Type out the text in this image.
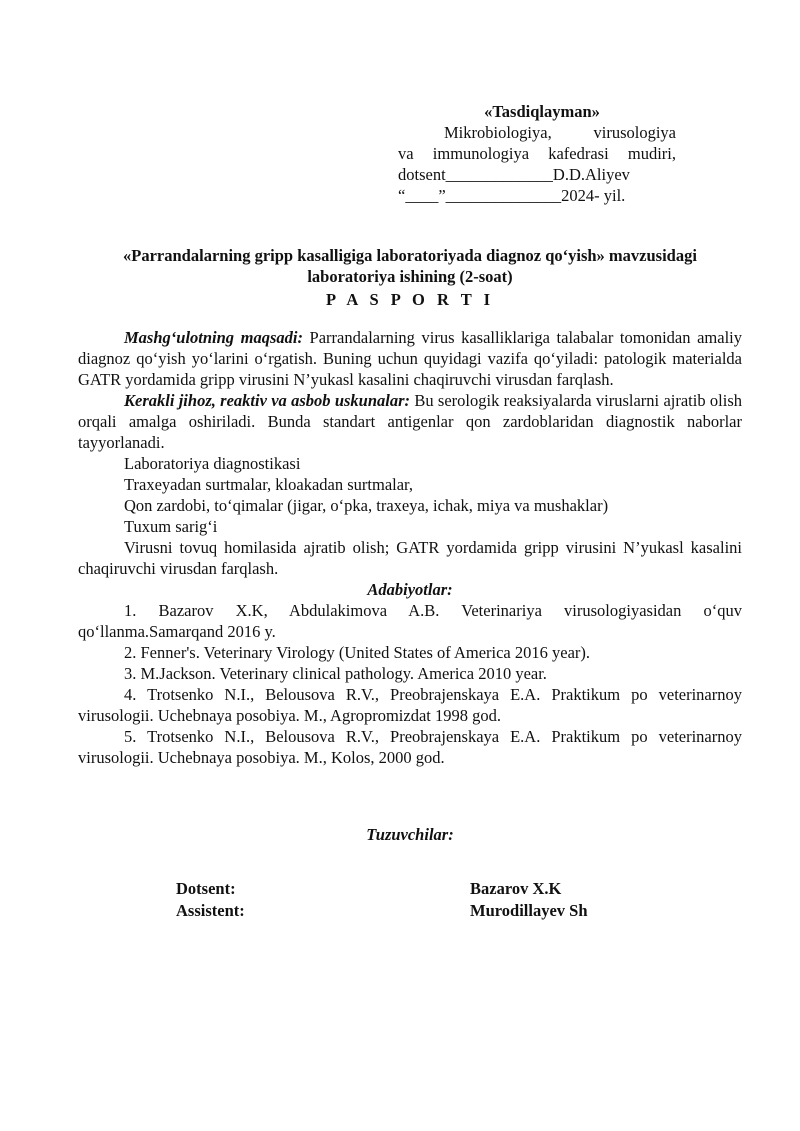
«Tasdiqlayman»
Mikrobiologiya, virusologiya
va immunologiya kafedrasi mudiri,
dotsent_____________D.D.Aliyev
“____”______________2024- yil.
«Parrandalarning gripp kasalligiga laboratoriyada diagnoz qo‘yish» mavzusidagi
laboratoriya ishining (2-soat)
P A S P O R T I

Mashg‘ulotning maqsadi: Parrandalarning virus kasalliklariga talabalar tomonidan amaliy diagnoz qo‘yish yo‘larini o‘rgatish. Buning uchun quyidagi vazifa qo‘yiladi: patologik materialda GATR yordamida gripp virusini N’yukasl kasalini chaqiruvchi virusdan farqlash.

Kerakli jihoz, reaktiv va asbob uskunalar: Bu serologik reaksiyalarda viruslarni ajratib olish orqali amalga oshiriladi. Bunda standart antigenlar qon zardoblaridan diagnostik naborlar tayyorlanadi.

Laboratoriya diagnostikasi

Traxeyadan surtmalar, kloakadan surtmalar,

Qon zardobi, to‘qimalar (jigar, o‘pka, traxeya, ichak, miya va mushaklar)

Tuxum sarig‘i

Virusni tovuq homilasida ajratib olish; GATR yordamida gripp virusini N’yukasl kasalini chaqiruvchi virusdan farqlash.

Adabiyotlar:

1. Bazarov X.K, Abdulakimova A.B. Veterinariya virusologiyasidan o‘quv qo‘llanma.Samarqand 2016 y.

2. Fenner's. Veterinary Virology (United States of America 2016 year).

3. M.Jackson. Veterinary clinical pathology. America 2010 year.

4. Trotsenko N.I., Belousova R.V., Preobrajenskaya E.A. Praktikum po veterinarnoy virusologii. Uchebnaya posobiya. M., Agropromizdat 1998 god.

5. Trotsenko N.I., Belousova R.V., Preobrajenskaya E.A. Praktikum po veterinarnoy virusologii. Uchebnaya posobiya. M., Kolos, 2000 god.

Tuzuvchilar:
Dotsent:	Bazarov X.K
Assistent:	Murodillayev Sh
